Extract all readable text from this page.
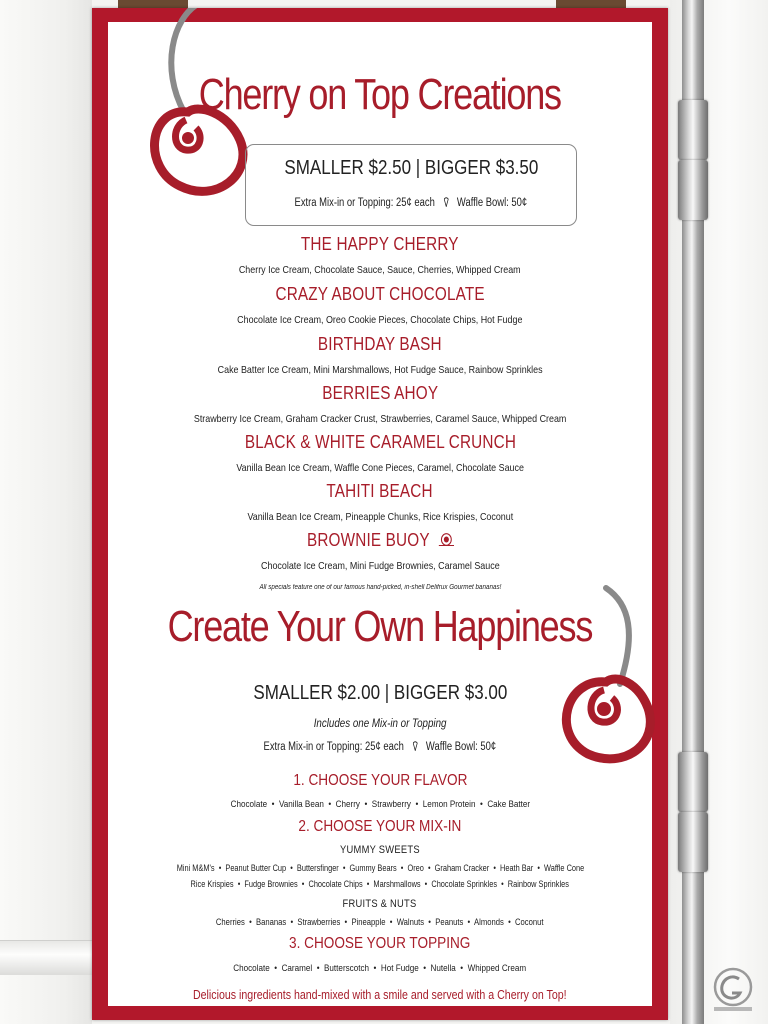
Cherry on Top Creations
SMALLER $2.50 | BIGGER $3.50
Extra Mix-in or Topping: 25¢ each Waffle Bowl: 50¢
THE HAPPY CHERRY
Cherry Ice Cream, Chocolate Sauce, Sauce, Cherries, Whipped Cream
CRAZY ABOUT CHOCOLATE
Chocolate Ice Cream, Oreo Cookie Pieces, Chocolate Chips, Hot Fudge
BIRTHDAY BASH
Cake Batter Ice Cream, Mini Marshmallows, Hot Fudge Sauce, Rainbow Sprinkles
BERRIES AHOY
Strawberry Ice Cream, Graham Cracker Crust, Strawberries, Caramel Sauce, Whipped Cream
BLACK & WHITE CARAMEL CRUNCH
Vanilla Bean Ice Cream, Waffle Cone Pieces, Caramel, Chocolate Sauce
TAHITI BEACH
Vanilla Bean Ice Cream, Pineapple Chunks, Rice Krispies, Coconut
BROWNIE BUOY
Chocolate Ice Cream, Mini Fudge Brownies, Caramel Sauce
All specials feature one of our famous hand-picked, in-shell Delifrux Gourmet bananas!
Create Your Own Happiness
SMALLER $2.00 | BIGGER $3.00
Includes one Mix-in or Topping
Extra Mix-in or Topping: 25¢ each Waffle Bowl: 50¢
1. CHOOSE YOUR FLAVOR
Chocolate  •  Vanilla Bean  •  Cherry  •  Strawberry  •  Lemon Protein  •  Cake Batter
2. CHOOSE YOUR MIX-IN
YUMMY SWEETS
Mini M&M's  •  Peanut Butter Cup  •  Buttersfinger  •  Gummy Bears  •  Oreo  •  Graham Cracker  •  Heath Bar  •  Waffle Cone
Rice Krispies  •  Fudge Brownies  •  Chocolate Chips  •  Marshmallows  •  Chocolate Sprinkles  •  Rainbow Sprinkles
FRUITS & NUTS
Cherries  •  Bananas  •  Strawberries  •  Pineapple  •  Walnuts  •  Peanuts  •  Almonds  •  Coconut
3. CHOOSE YOUR TOPPING
Chocolate  •  Caramel  •  Butterscotch  •  Hot Fudge  •  Nutella  •  Whipped Cream
Delicious ingredients hand-mixed with a smile and served with a Cherry on Top!
